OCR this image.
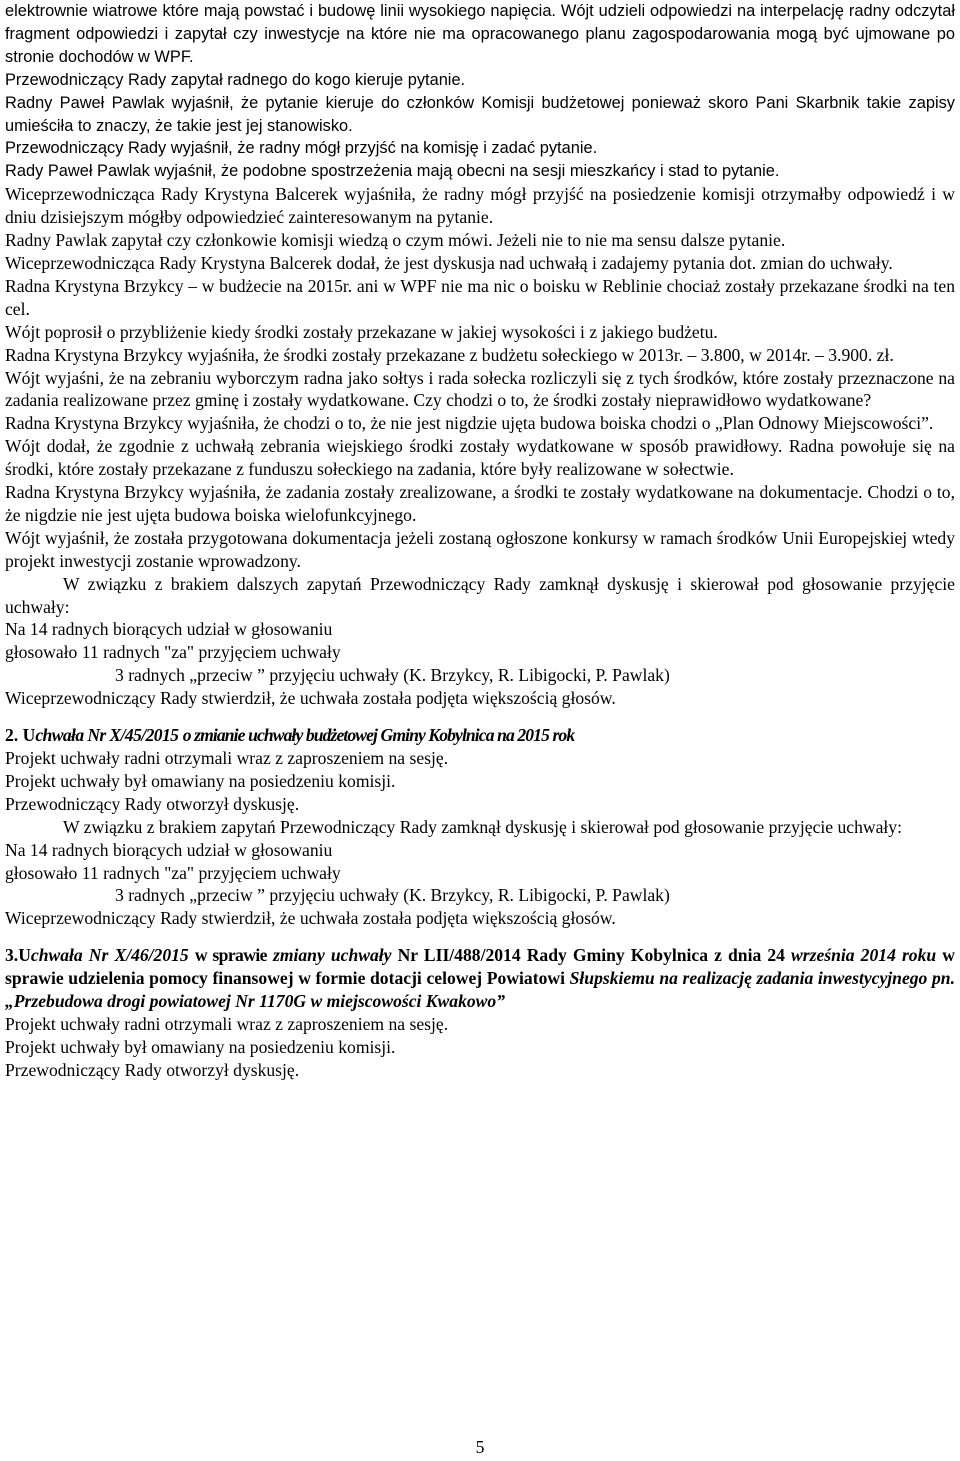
elektrownie wiatrowe które mają powstać i budowę linii wysokiego napięcia. Wójt udzieli odpowiedzi na interpelację radny odczytał fragment odpowiedzi i zapytał czy inwestycje na które nie ma opracowanego planu zagospodarowania mogą być ujmowane po stronie dochodów w WPF.

Przewodniczący Rady zapytał radnego do kogo kieruje pytanie.

Radny Paweł Pawlak wyjaśnił, że pytanie kieruje do członków Komisji budżetowej ponieważ skoro Pani Skarbnik takie zapisy umieściła to znaczy, że takie jest jej stanowisko.

Przewodniczący Rady wyjaśnił, że radny mógł przyjść na komisję i zadać pytanie.

Rady Paweł Pawlak wyjaśnił, że podobne spostrzeżenia mają obecni na sesji mieszkańcy i stad to pytanie.

Wiceprzewodnicząca Rady Krystyna Balcerek wyjaśniła, że radny mógł przyjść na posiedzenie komisji otrzymałby odpowiedź i w dniu dzisiejszym mógłby odpowiedzieć zainteresowanym na pytanie.

Radny Pawlak zapytał czy członkowie komisji wiedzą o czym mówi. Jeżeli nie to nie ma sensu dalsze pytanie.

Wiceprzewodnicząca Rady Krystyna Balcerek dodał, że jest dyskusja nad uchwałą i zadajemy pytania dot. zmian do uchwały.

Radna Krystyna Brzykcy – w budżecie na 2015r. ani w WPF nie ma nic o boisku w Reblinie chociaż zostały przekazane środki na ten cel.

Wójt poprosił o przybliżenie kiedy środki zostały przekazane w jakiej wysokości i z jakiego budżetu.

Radna Krystyna Brzykcy wyjaśniła, że środki zostały przekazane z budżetu sołeckiego w 2013r. – 3.800, w 2014r. – 3.900. zł.

Wójt wyjaśni, że na zebraniu wyborczym radna jako sołtys i rada sołecka rozliczyli się z tych środków, które zostały przeznaczone na zadania realizowane przez gminę i zostały wydatkowane. Czy chodzi o to, że środki zostały nieprawidłowo wydatkowane?

Radna Krystyna Brzykcy wyjaśniła, że chodzi o to, że nie jest nigdzie ujęta budowa boiska chodzi o „Plan Odnowy Miejscowości”.

Wójt dodał, że zgodnie z uchwałą zebrania wiejskiego środki zostały wydatkowane w sposób prawidłowy. Radna powołuje się na środki, które zostały przekazane z funduszu sołeckiego na zadania, które były realizowane w sołectwie.

Radna Krystyna Brzykcy wyjaśniła, że zadania zostały zrealizowane, a środki te zostały wydatkowane na dokumentacje. Chodzi o to, że nigdzie nie jest ujęta budowa boiska wielofunkcyjnego.

Wójt wyjaśnił, że została przygotowana dokumentacja jeżeli zostaną ogłoszone konkursy w ramach środków Unii Europejskiej wtedy projekt inwestycji zostanie wprowadzony.

W związku z brakiem dalszych zapytań Przewodniczący Rady zamknął dyskusję i skierował pod głosowanie przyjęcie uchwały:

Na 14 radnych biorących udział w głosowaniu

głosowało 11 radnych "za" przyjęciem uchwały

3 radnych „przeciw ” przyjęciu uchwały (K. Brzykcy, R. Libigocki, P. Pawlak)

Wiceprzewodniczący Rady stwierdził, że uchwała została podjęta większością głosów.

2. Uchwała Nr X/45/2015 o zmianie uchwały budżetowej Gminy Kobylnica na 2015 rok

Projekt uchwały radni otrzymali wraz z zaproszeniem na sesję.

Projekt uchwały był omawiany na posiedzeniu komisji.

Przewodniczący Rady otworzył dyskusję.

W związku z brakiem zapytań Przewodniczący Rady zamknął dyskusję i skierował pod głosowanie przyjęcie uchwały:

Na 14 radnych biorących udział w głosowaniu

głosowało 11 radnych "za" przyjęciem uchwały

3 radnych „przeciw ” przyjęciu uchwały (K. Brzykcy, R. Libigocki, P. Pawlak)

Wiceprzewodniczący Rady stwierdził, że uchwała została podjęta większością głosów.

3.Uchwała Nr X/46/2015 w sprawie zmiany uchwały Nr LII/488/2014 Rady Gminy Kobylnica z dnia 24 września 2014 roku w sprawie udzielenia pomocy finansowej w formie dotacji celowej Powiatowi Słupskiemu na realizację zadania inwestycyjnego pn. „Przebudowa drogi powiatowej Nr 1170G w miejscowości Kwakowo”

Projekt uchwały radni otrzymali wraz z zaproszeniem na sesję.

Projekt uchwały był omawiany na posiedzeniu komisji.

Przewodniczący Rady otworzył dyskusję.

5
